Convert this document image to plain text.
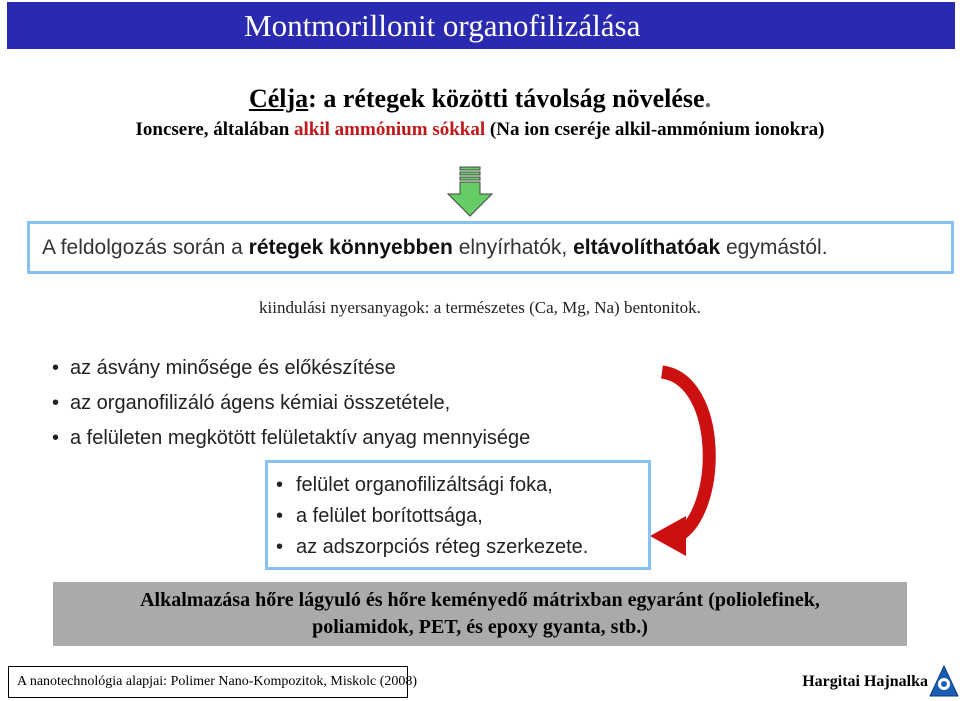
Montmorillonit organofilizálása
Célja: a rétegek közötti távolság növelése.
Ioncsere, általában alkil ammónium sókkal (Na ion cseréje alkil-ammónium ionokra)
A feldolgozás során a rétegek könnyebben elnyírhatók, eltávolíthatóak egymástól.
kiindulási nyersanyagok: a természetes (Ca, Mg, Na) bentonitok.
• az ásvány minősége és előkészítése
• az organofilizáló ágens kémiai összetétele,
• a felületen megkötött felületaktív anyag mennyisége
• felület organofilizáltsági foka,
• a felület borítottsága,
• az adszorpciós réteg szerkezete.
Alkalmazása hőre lágyuló és hőre keményedő mátrixban egyaránt (poliolefinek,
poliamidok, PET, és epoxy gyanta, stb.)
A nanotechnológia alapjai: Polimer Nano-Kompozitok, Miskolc (2008)	Hargitai Hajnalka
